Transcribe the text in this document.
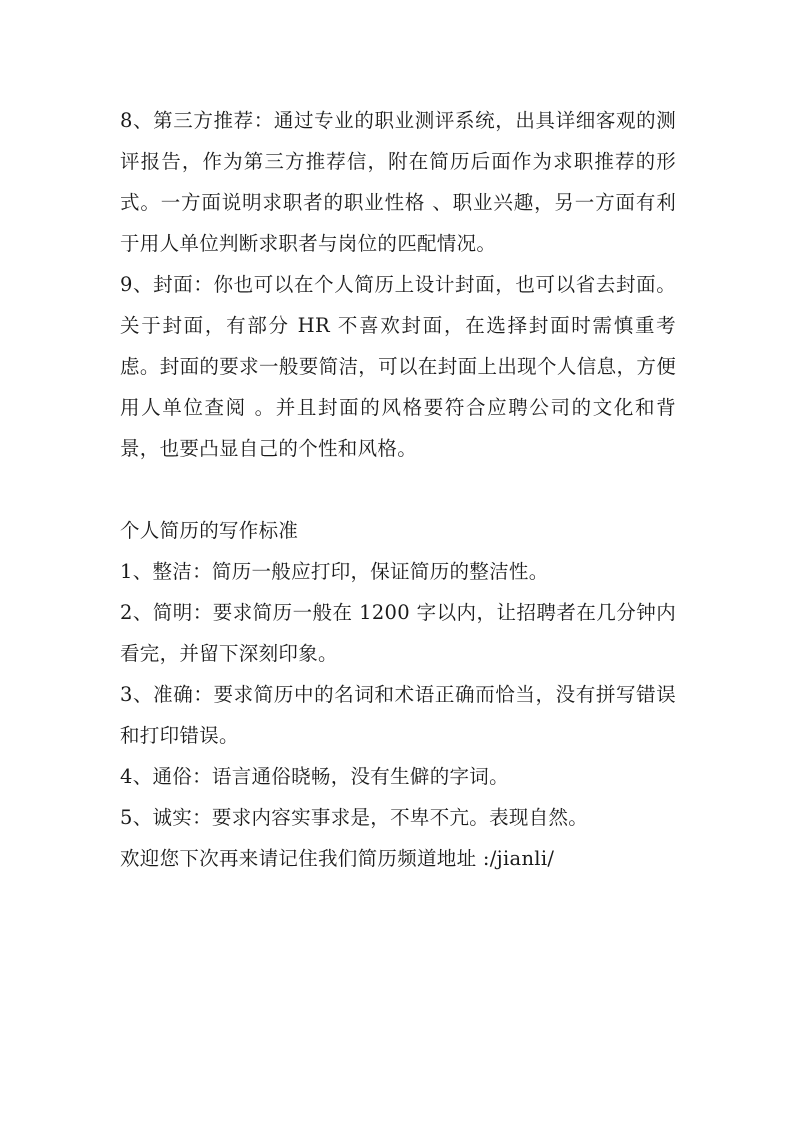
8、第三方推荐：通过专业的职业测评系统，出具详细客观的测评报告，作为第三方推荐信，附在简历后面作为求职推荐的形式。一方面说明求职者的职业性格 、职业兴趣，另一方面有利于用人单位判断求职者与岗位的匹配情况。

9、封面：你也可以在个人简历上设计封面，也可以省去封面。关于封面，有部分 HR 不喜欢封面，在选择封面时需慎重考虑。封面的要求一般要简洁，可以在封面上出现个人信息，方便用人单位查阅 。并且封面的风格要符合应聘公司的文化和背景，也要凸显自己的个性和风格。

个人简历的写作标准

1、整洁：简历一般应打印，保证简历的整洁性。

2、简明：要求简历一般在 1200 字以内，让招聘者在几分钟内看完，并留下深刻印象。

3、准确：要求简历中的名词和术语正确而恰当，没有拼写错误和打印错误。

4、通俗：语言通俗晓畅，没有生僻的字词。

5、诚实：要求内容实事求是，不卑不亢。表现自然。

欢迎您下次再来请记住我们简历频道地址 :/jianli/
